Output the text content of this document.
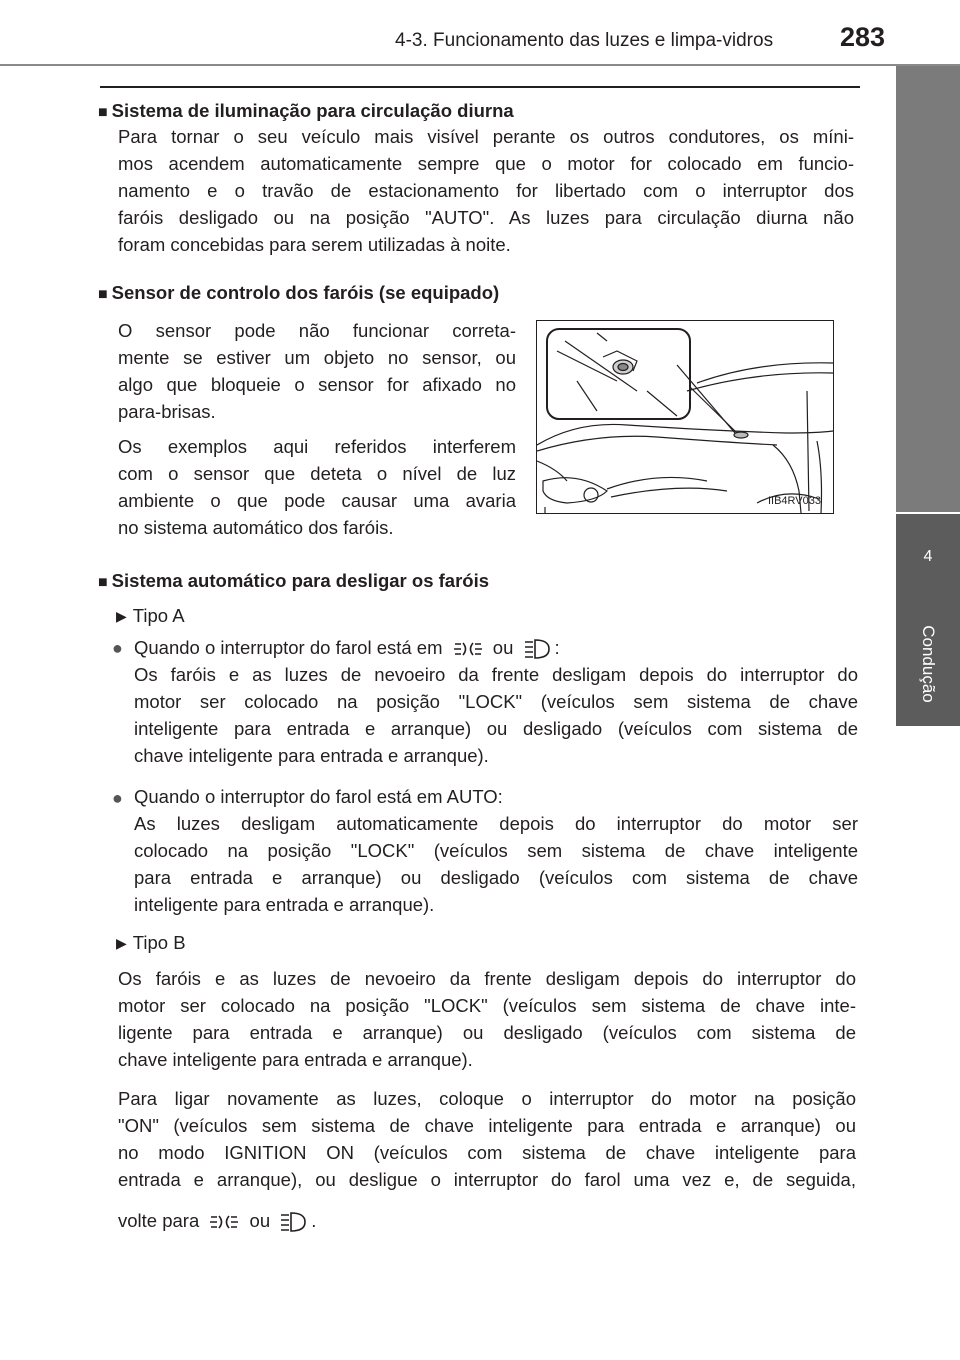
4-3. Funcionamento das luzes e limpa-vidros 283
4
Condução
■ Sistema de iluminação para circulação diurna
Para tornar o seu veículo mais visível perante os outros condutores, os míni-
mos acendem automaticamente sempre que o motor for colocado em funcio-
namento e o travão de estacionamento for libertado com o interruptor dos
faróis desligado ou na posição "AUTO". As luzes para circulação diurna não
foram concebidas para serem utilizadas à noite.
■ Sensor de controlo dos faróis (se equipado)
O sensor pode não funcionar correta-
mente se estiver um objeto no sensor, ou
algo que bloqueie o sensor for afixado no
para-brisas.
Os exemplos aqui referidos interferem
com o sensor que deteta o nível de luz
ambiente o que pode causar uma avaria
no sistema automático dos faróis.
IIB4RV033
■ Sistema automático para desligar os faróis
▶ Tipo A
● Quando o interruptor do farol está em	ou :
Os faróis e as luzes de nevoeiro da frente desligam depois do interruptor do
motor ser colocado na posição "LOCK" (veículos sem sistema de chave
inteligente para entrada e arranque) ou desligado (veículos com sistema de
chave inteligente para entrada e arranque).
● Quando o interruptor do farol está em AUTO:
As luzes desligam automaticamente depois do interruptor do motor ser
colocado na posição "LOCK" (veículos sem sistema de chave inteligente
para entrada e arranque) ou desligado (veículos com sistema de chave
inteligente para entrada e arranque).
▶ Tipo B
Os faróis e as luzes de nevoeiro da frente desligam depois do interruptor do
motor ser colocado na posição "LOCK" (veículos sem sistema de chave inte-
ligente para entrada e arranque) ou desligado (veículos com sistema de
chave inteligente para entrada e arranque).
Para ligar novamente as luzes, coloque o interruptor do motor na posição
"ON" (veículos sem sistema de chave inteligente para entrada e arranque) ou
no modo IGNITION ON (veículos com sistema de chave inteligente para
entrada e arranque), ou desligue o interruptor do farol uma vez e, de seguida,
volte para	ou .
